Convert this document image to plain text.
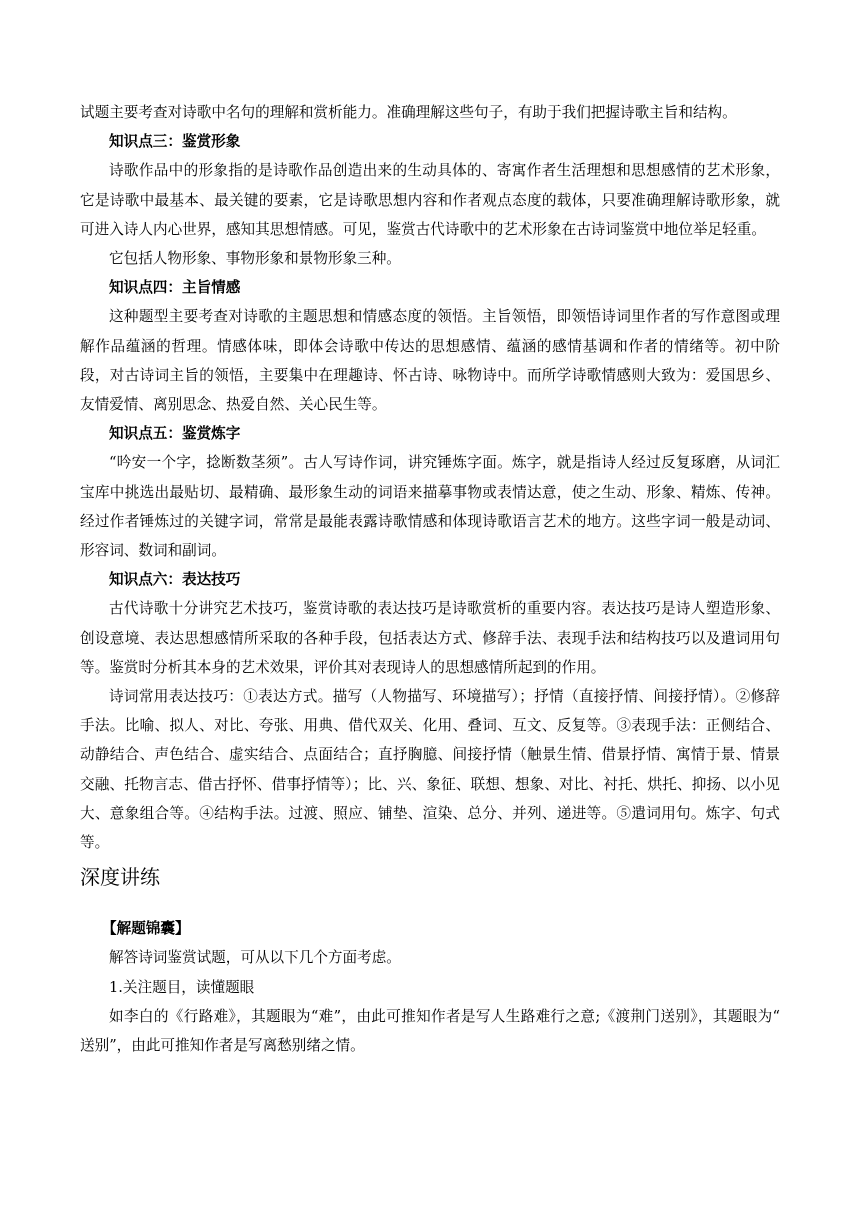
试题主要考查对诗歌中名句的理解和赏析能力。准确理解这些句子，有助于我们把握诗歌主旨和结构。

知识点三：鉴赏形象

诗歌作品中的形象指的是诗歌作品创造出来的生动具体的、寄寓作者生活理想和思想感情的艺术形象，它是诗歌中最基本、最关键的要素，它是诗歌思想内容和作者观点态度的载体，只要准确理解诗歌形象，就可进入诗人内心世界，感知其思想情感。可见，鉴赏古代诗歌中的艺术形象在古诗词鉴赏中地位举足轻重。

它包括人物形象、事物形象和景物形象三种。

知识点四：主旨情感

这种题型主要考查对诗歌的主题思想和情感态度的领悟。主旨领悟，即领悟诗词里作者的写作意图或理解作品蕴涵的哲理。情感体味，即体会诗歌中传达的思想感情、蕴涵的感情基调和作者的情绪等。初中阶段，对古诗词主旨的领悟，主要集中在理趣诗、怀古诗、咏物诗中。而所学诗歌情感则大致为：爱国思乡、友情爱情、离别思念、热爱自然、关心民生等。

知识点五：鉴赏炼字

“吟安一个字，捻断数茎须”。古人写诗作词，讲究锤炼字面。炼字，就是指诗人经过反复琢磨，从词汇宝库中挑选出最贴切、最精确、最形象生动的词语来描摹事物或表情达意，使之生动、形象、精炼、传神。经过作者锤炼过的关键字词，常常是最能表露诗歌情感和体现诗歌语言艺术的地方。这些字词一般是动词、形容词、数词和副词。

知识点六：表达技巧

古代诗歌十分讲究艺术技巧，鉴赏诗歌的表达技巧是诗歌赏析的重要内容。表达技巧是诗人塑造形象、创设意境、表达思想感情所采取的各种手段，包括表达方式、修辞手法、表现手法和结构技巧以及遣词用句等。鉴赏时分析其本身的艺术效果，评价其对表现诗人的思想感情所起到的作用。

诗词常用表达技巧：①表达方式。描写（人物描写、环境描写）；抒情（直接抒情、间接抒情）。②修辞手法。比喻、拟人、对比、夸张、用典、借代双关、化用、叠词、互文、反复等。③表现手法：正侧结合、动静结合、声色结合、虚实结合、点面结合；直抒胸臆、间接抒情（触景生情、借景抒情、寓情于景、情景交融、托物言志、借古抒怀、借事抒情等）；比、兴、象征、联想、想象、对比、衬托、烘托、抑扬、以小见大、意象组合等。④结构手法。过渡、照应、铺垫、渲染、总分、并列、递进等。⑤遣词用句。炼字、句式等。

深度讲练

【解题锦囊】

解答诗词鉴赏试题，可从以下几个方面考虑。

1.关注题目，读懂题眼

如李白的《行路难》，其题眼为“难”，由此可推知作者是写人生路难行之意;《渡荆门送别》，其题眼为“ 送别”，由此可推知作者是写离愁别绪之情。
